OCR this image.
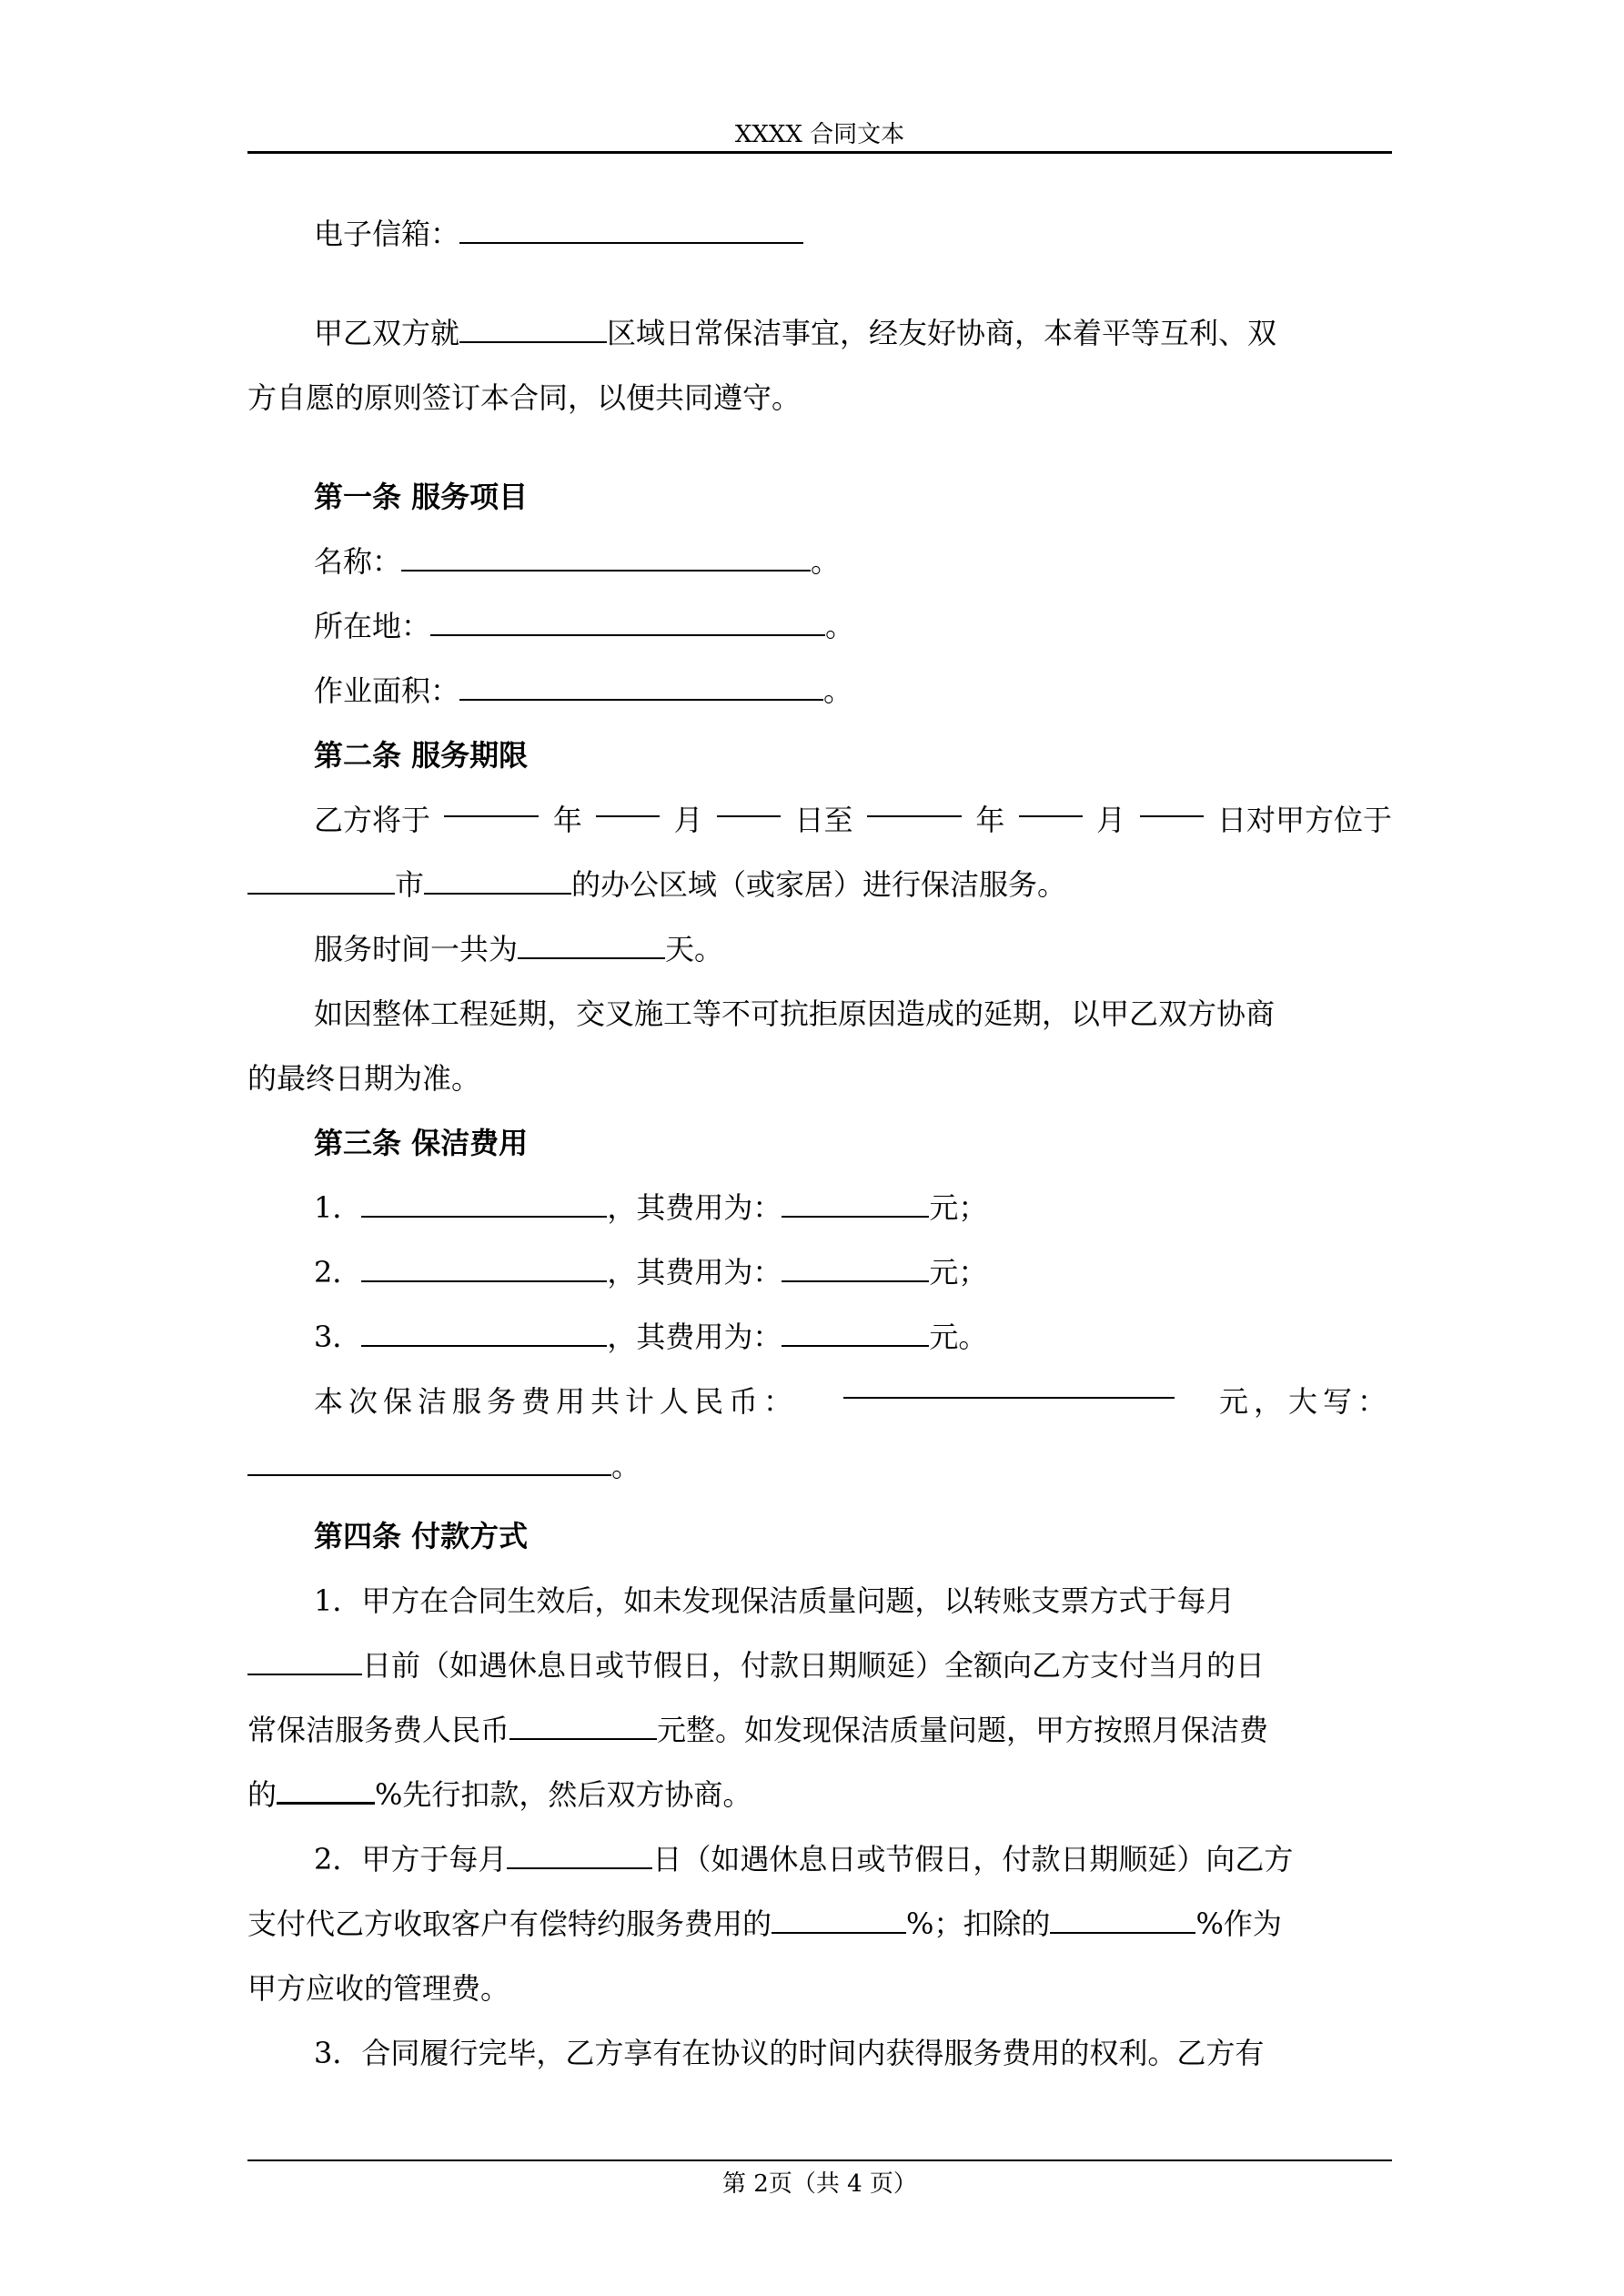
XXXX 合同文本

电子信箱：

甲乙双方就	区域日常保洁事宜，经友好协商，本着平等互利、双

方自愿的原则签订本合同，以便共同遵守。

第一条 服务项目

名称：	。

所在地：	。

作业面积：	。

第二条 服务期限

乙方将于	年	月	日至	年	月	日对甲方位于

市	的办公区域（或家居）进行保洁服务。

服务时间一共为	天。

如因整体工程延期，交叉施工等不可抗拒原因造成的延期，以甲乙双方协商

的最终日期为准。

第三条 保洁费用

1．	，其费用为：	元；

2．	，其费用为：	元；

3．	，其费用为：	元。

本次保洁服务费用共计人民币：	元，大写：

。

第四条 付款方式

1．甲方在合同生效后，如未发现保洁质量问题，以转账支票方式于每月

日前（如遇休息日或节假日，付款日期顺延）全额向乙方支付当月的日

常保洁服务费人民币	元整。如发现保洁质量问题，甲方按照月保洁费

的	%先行扣款，然后双方协商。

2．甲方于每月	日（如遇休息日或节假日，付款日期顺延）向乙方

支付代乙方收取客户有偿特约服务费用的	%；扣除的	%作为

甲方应收的管理费。

3．合同履行完毕，乙方享有在协议的时间内获得服务费用的权利。乙方有

第 2页（共 4 页）
